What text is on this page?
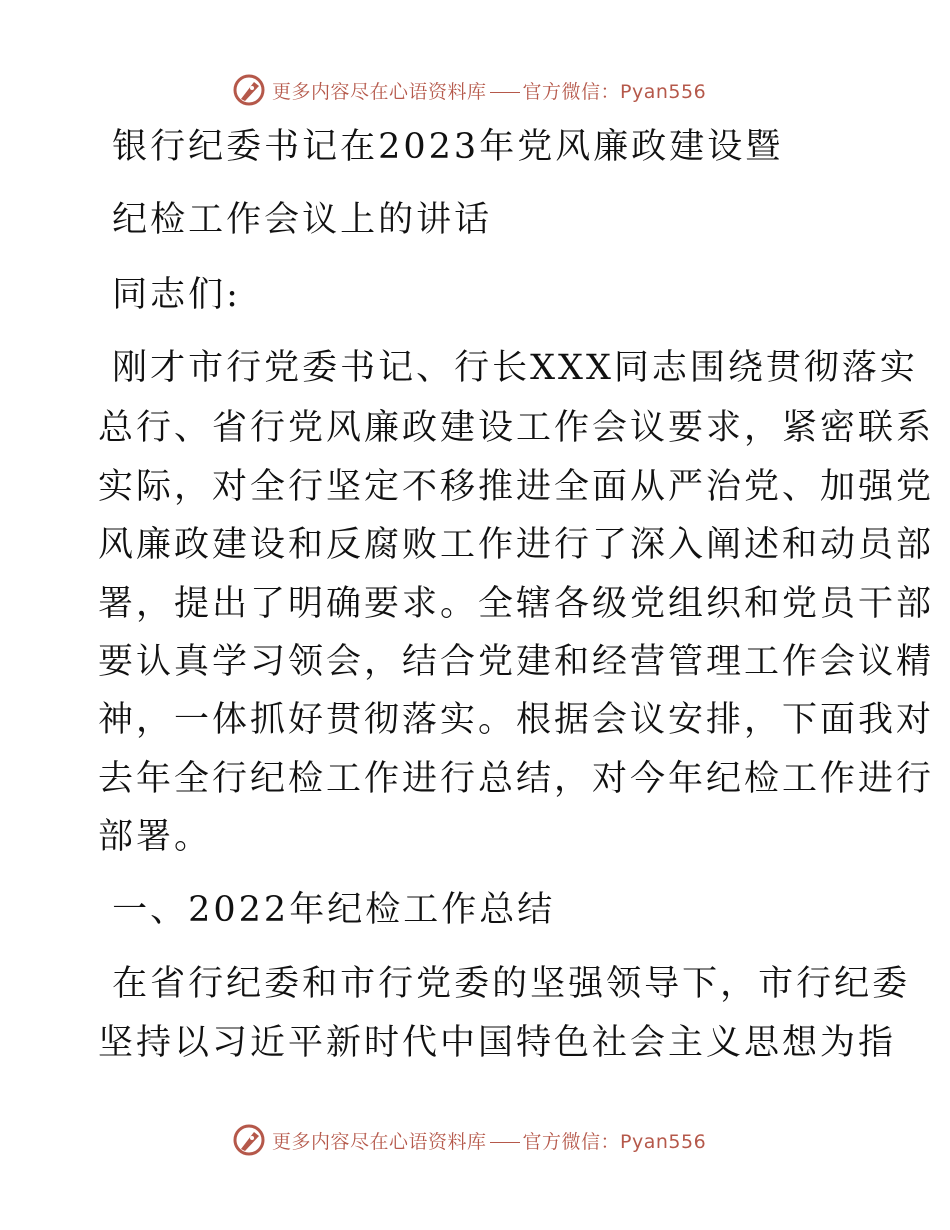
更多内容尽在心语资料库 官方微信：Pyan556
银行纪委书记在2023年党风廉政建设暨
纪检工作会议上的讲话
同志们:
刚才市行党委书记、行长XXX同志围绕贯彻落实
总行、省行党风廉政建设工作会议要求，紧密联系
实际，对全行坚定不移推进全面从严治党、加强党
风廉政建设和反腐败工作进行了深入阐述和动员部
署，提出了明确要求。全辖各级党组织和党员干部
要认真学习领会，结合党建和经营管理工作会议精
神，一体抓好贯彻落实。根据会议安排，下面我对
去年全行纪检工作进行总结，对今年纪检工作进行
部署。
一、2022年纪检工作总结
在省行纪委和市行党委的坚强领导下，市行纪委
坚持以习近平新时代中国特色社会主义思想为指
更多内容尽在心语资料库 官方微信：Pyan556
